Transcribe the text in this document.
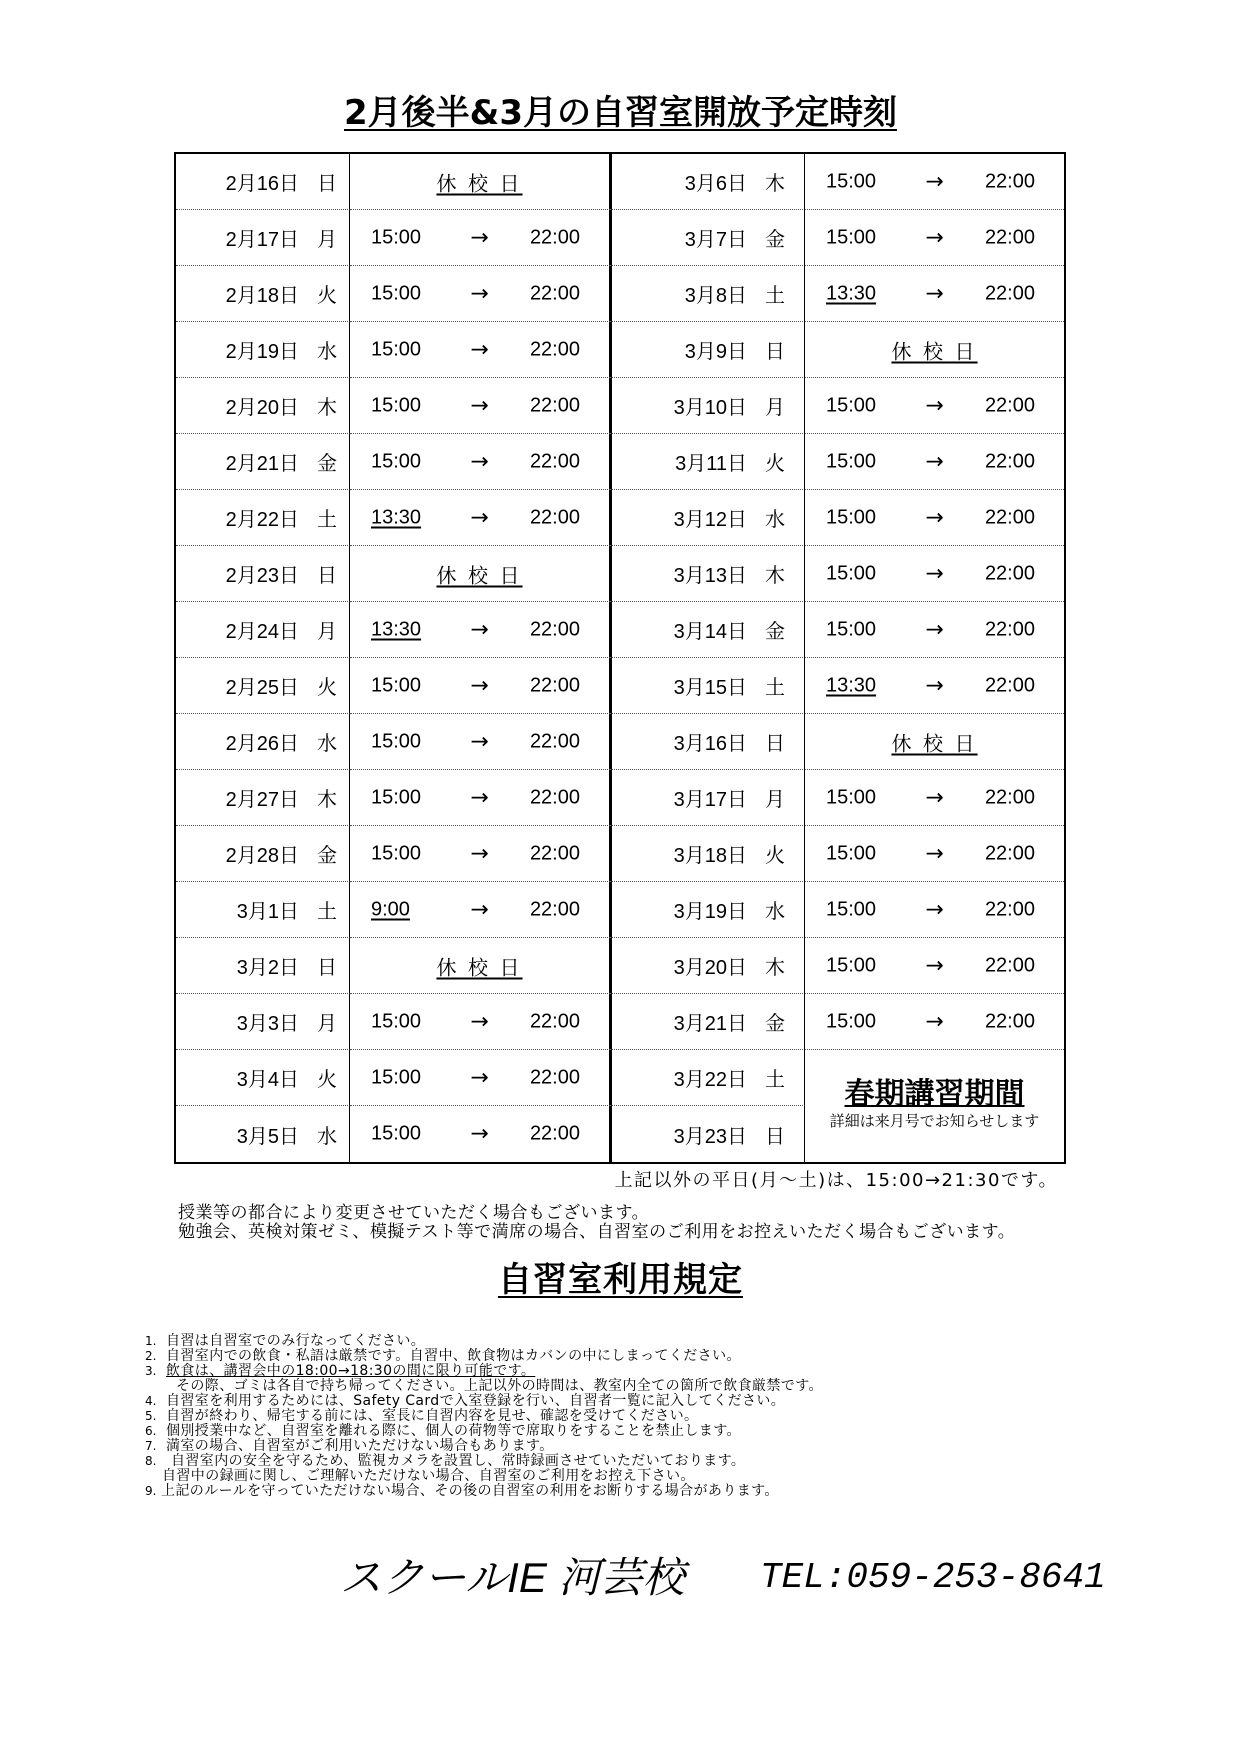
2月後半&3月の自習室開放予定時刻
2月16日 日	休 校 日
2月17日 月 15:00 → 22:00
2月18日 火 15:00 → 22:00
2月19日 水 15:00 → 22:00
2月20日 木 15:00 → 22:00
2月21日 金 15:00 → 22:00
2月22日 土 13:30 → 22:00
2月23日 日	休 校 日
2月24日 月 13:30 → 22:00
2月25日 火 15:00 → 22:00
2月26日 水 15:00 → 22:00
2月27日 木 15:00 → 22:00
2月28日 金 15:00 → 22:00
3月1日 土 9:00	→ 22:00
3月2日 日	休 校 日
3月3日 月 15:00 → 22:00
3月4日 火 15:00 → 22:00
3月5日 水 15:00 → 22:00
3月6日 木 15:00 → 22:00
3月7日 金 15:00 → 22:00
3月8日 土 13:30 → 22:00
3月9日 日	休 校 日
3月10日 月 15:00 → 22:00
3月11日 火 15:00 → 22:00
3月12日 水 15:00 → 22:00
3月13日 木 15:00 → 22:00
3月14日 金 15:00 → 22:00
3月15日 土 13:30 → 22:00
3月16日 日	休 校 日
3月17日 月 15:00 → 22:00
3月18日 火 15:00 → 22:00
3月19日 水 15:00 → 22:00
3月20日 木 15:00 → 22:00
3月21日 金 15:00 → 22:00
3月22日 土
3月23日 日
春期講習期間
詳細は来月号でお知らせします
上記以外の平日(月～土)は、15:00→21:30です。
授業等の都合により変更させていただく場合もございます。
勉強会、英検対策ゼミ、模擬テスト等で満席の場合、自習室のご利用をお控えいただく場合もございます。
自習室利用規定
1. 自習は自習室でのみ行なってください。
2. 自習室内での飲食・私語は厳禁です。自習中、飲食物はカバンの中にしまってください。
3. 飲食は、講習会中の18:00→18:30の間に限り可能です。
その際、ゴミは各自で持ち帰ってください。上記以外の時間は、教室内全ての箇所で飲食厳禁です。
4. 自習室を利用するためには、Safety Cardで入室登録を行い、自習者一覧に記入してください。
5. 自習が終わり、帰宅する前には、室長に自習内容を見せ、確認を受けてください。
6. 個別授業中など、自習室を離れる際に、個人の荷物等で席取りをすることを禁止します。
7. 満室の場合、自習室がご利用いただけない場合もあります。
8. 自習室内の安全を守るため、監視カメラを設置し、常時録画させていただいております。
自習中の録画に関し、ご理解いただけない場合、自習室のご利用をお控え下さい。
9. 上記のルールを守っていただけない場合、その後の自習室の利用をお断りする場合があります。
スクールIE 河芸校 TEL:059-253-8641
